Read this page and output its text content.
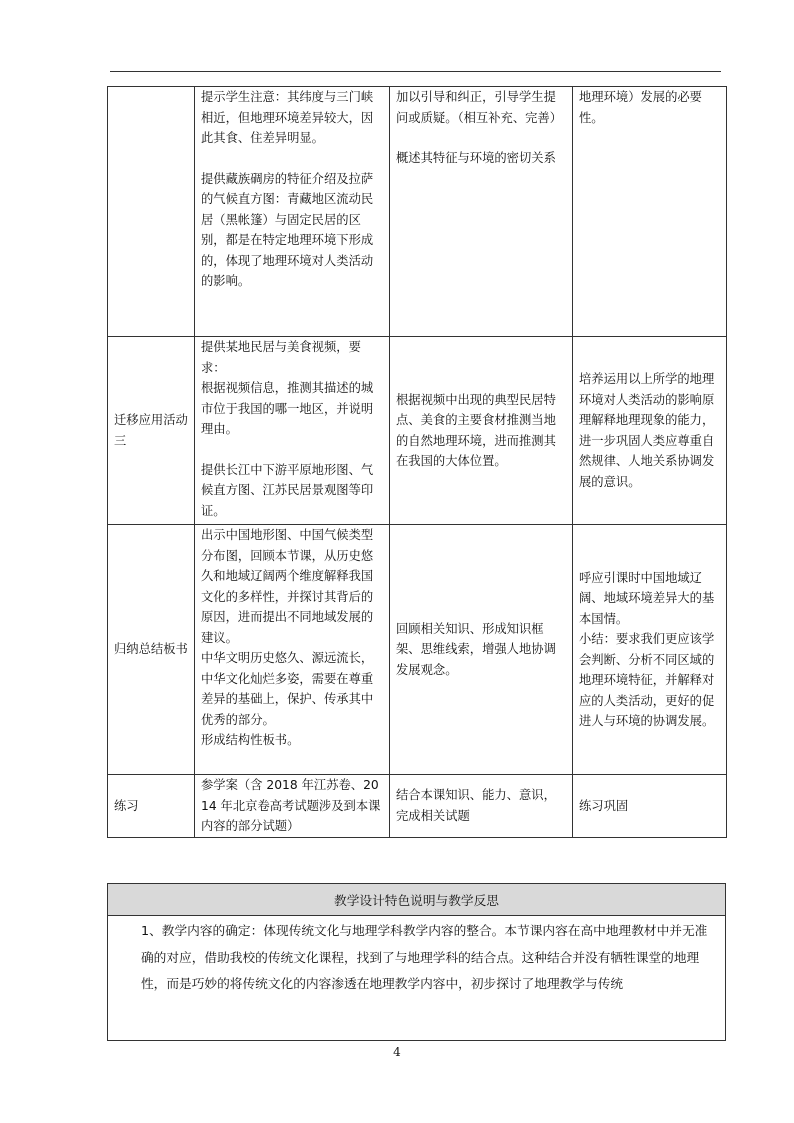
	提示学生注意：其纬度与三门峡相近，但地理环境差异较大，因此其食、住差异明显。
提供藏族碉房的特征介绍及拉萨的气候直方图：青藏地区流动民居（黑帐篷）与固定民居的区别，都是在特定地理环境下形成的，体现了地理环境对人类活动的影响。	加以引导和纠正，引导学生提问或质疑。（相互补充、完善）
概述其特征与环境的密切关系	地理环境）发展的必要性。

迁移应用活动三	提供某地民居与美食视频，要求：
根据视频信息，推测其描述的城市位于我国的哪一地区，并说明理由。
提供长江中下游平原地形图、气候直方图、江苏民居景观图等印证。	根据视频中出现的典型民居特点、美食的主要食材推测当地的自然地理环境，进而推测其在我国的大体位置。	培养运用以上所学的地理环境对人类活动的影响原理解释地理现象的能力，进一步巩固人类应尊重自然规律、人地关系协调发展的意识。

归纳总结板书	出示中国地形图、中国气候类型分布图，回顾本节课，从历史悠久和地域辽阔两个维度解释我国文化的多样性，并探讨其背后的原因，进而提出不同地域发展的建议。
中华文明历史悠久、源远流长，中华文化灿烂多姿，需要在尊重差异的基础上，保护、传承其中优秀的部分。
形成结构性板书。	回顾相关知识、形成知识框架、思维线索，增强人地协调发展观念。	呼应引课时中国地域辽阔、地域环境差异大的基本国情。
小结：要求我们更应该学会判断、分析不同区域的地理环境特征，并解释对应的人类活动，更好的促进人与环境的协调发展。

练习	参学案（含 2018 年江苏卷、2014 年北京卷高考试题涉及到本课内容的部分试题）	结合本课知识、能力、意识，完成相关试题	练习巩固
教学设计特色说明与教学反思

1、教学内容的确定：体现传统文化与地理学科教学内容的整合。本节课内容在高中地理教材中并无准确的对应，借助我校的传统文化课程，找到了与地理学科的结合点。这种结合并没有牺牲课堂的地理性，而是巧妙的将传统文化的内容渗透在地理教学内容中，初步探讨了地理教学与传统
4
